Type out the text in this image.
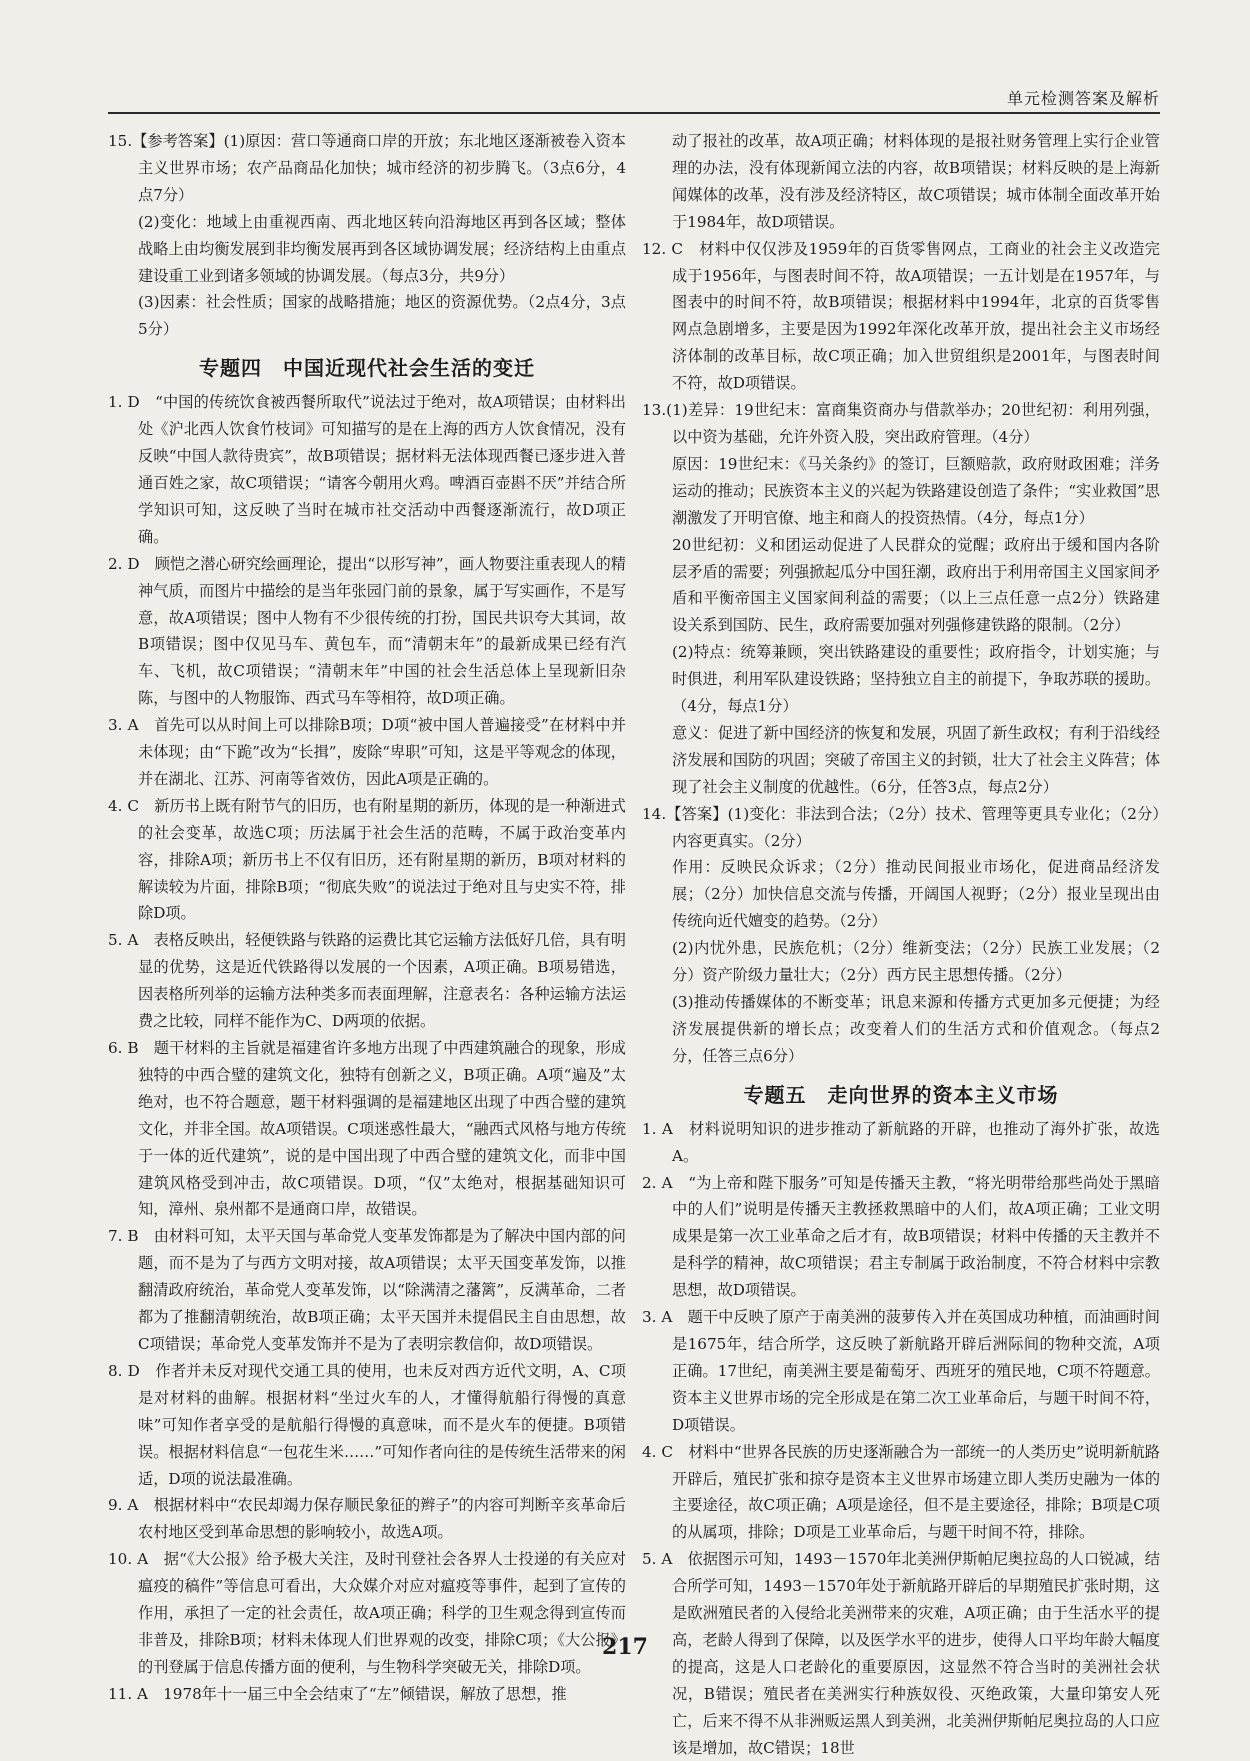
单元检测答案及解析

15.【参考答案】(1)原因：营口等通商口岸的开放；东北地区逐渐被卷入资本主义世界市场；农产品商品化加快；城市经济的初步腾飞。（3点6分，4点7分）

(2)变化：地域上由重视西南、西北地区转向沿海地区再到各区域；整体战略上由均衡发展到非均衡发展再到各区域协调发展；经济结构上由重点建设重工业到诸多领域的协调发展。（每点3分，共9分）

(3)因素：社会性质；国家的战略措施；地区的资源优势。（2点4分，3点5分）

专题四　中国近现代社会生活的变迁

1. D　“中国的传统饮食被西餐所取代”说法过于绝对，故A项错误；由材料出处《沪北西人饮食竹枝词》可知描写的是在上海的西方人饮食情况，没有反映“中国人款待贵宾”，故B项错误；据材料无法体现西餐已逐步进入普通百姓之家，故C项错误；“请客今朝用火鸡。啤酒百壶斟不厌”并结合所学知识可知，这反映了当时在城市社交活动中西餐逐渐流行，故D项正确。

2. D　顾恺之潜心研究绘画理论，提出“以形写神”，画人物要注重表现人的精神气质，而图片中描绘的是当年张园门前的景象，属于写实画作，不是写意，故A项错误；图中人物有不少很传统的打扮，国民共识夸大其词，故B项错误；图中仅见马车、黄包车，而“清朝末年”的最新成果已经有汽车、飞机，故C项错误；“清朝末年”中国的社会生活总体上呈现新旧杂陈，与图中的人物服饰、西式马车等相符，故D项正确。

3. A　首先可以从时间上可以排除B项；D项“被中国人普遍接受”在材料中并未体现；由“下跪”改为“长揖”，废除“卑职”可知，这是平等观念的体现，并在湖北、江苏、河南等省效仿，因此A项是正确的。

4. C　新历书上既有附节气的旧历，也有附星期的新历，体现的是一种渐进式的社会变革，故选C项；历法属于社会生活的范畴，不属于政治变革内容，排除A项；新历书上不仅有旧历，还有附星期的新历，B项对材料的解读较为片面，排除B项；“彻底失败”的说法过于绝对且与史实不符，排除D项。

5. A　表格反映出，轻便铁路与铁路的运费比其它运输方法低好几倍，具有明显的优势，这是近代铁路得以发展的一个因素，A项正确。B项易错选，因表格所列举的运输方法种类多而表面理解，注意表名：各种运输方法运费之比较，同样不能作为C、D两项的依据。

6. B　题干材料的主旨就是福建省许多地方出现了中西建筑融合的现象，形成独特的中西合璧的建筑文化，独特有创新之义，B项正确。A项“遍及”太绝对，也不符合题意，题干材料强调的是福建地区出现了中西合璧的建筑文化，并非全国。故A项错误。C项迷惑性最大，“融西式风格与地方传统于一体的近代建筑”，说的是中国出现了中西合璧的建筑文化，而非中国建筑风格受到冲击，故C项错误。D项，“仅”太绝对，根据基础知识可知，漳州、泉州都不是通商口岸，故错误。

7. B　由材料可知，太平天国与革命党人变革发饰都是为了解决中国内部的问题，而不是为了与西方文明对接，故A项错误；太平天国变革发饰，以推翻清政府统治，革命党人变革发饰，以“除满清之藩篱”，反满革命，二者都为了推翻清朝统治，故B项正确；太平天国并未提倡民主自由思想，故C项错误；革命党人变革发饰并不是为了表明宗教信仰，故D项错误。

8. D　作者并未反对现代交通工具的使用，也未反对西方近代文明，A、C项是对材料的曲解。根据材料“坐过火车的人，才懂得航船行得慢的真意味”可知作者享受的是航船行得慢的真意味，而不是火车的便捷。B项错误。根据材料信息“一包花生米……”可知作者向往的是传统生活带来的闲适，D项的说法最准确。

9. A　根据材料中“农民却竭力保存顺民象征的辫子”的内容可判断辛亥革命后农村地区受到革命思想的影响较小，故选A项。

10. A　据“《大公报》给予极大关注，及时刊登社会各界人士投递的有关应对瘟疫的稿件”等信息可看出，大众媒介对应对瘟疫等事件，起到了宣传的作用，承担了一定的社会责任，故A项正确；科学的卫生观念得到宣传而非普及，排除B项；材料未体现人们世界观的改变，排除C项；《大公报》的刊登属于信息传播方面的便利，与生物科学突破无关，排除D项。

11. A　1978年十一届三中全会结束了“左”倾错误，解放了思想，推

动了报社的改革，故A项正确；材料体现的是报社财务管理上实行企业管理的办法，没有体现新闻立法的内容，故B项错误；材料反映的是上海新闻媒体的改革，没有涉及经济特区，故C项错误；城市体制全面改革开始于1984年，故D项错误。

12. C　材料中仅仅涉及1959年的百货零售网点，工商业的社会主义改造完成于1956年，与图表时间不符，故A项错误；一五计划是在1957年，与图表中的时间不符，故B项错误；根据材料中1994年，北京的百货零售网点急剧增多，主要是因为1992年深化改革开放，提出社会主义市场经济体制的改革目标，故C项正确；加入世贸组织是2001年，与图表时间不符，故D项错误。

13.(1)差异：19世纪末：富商集资商办与借款举办；20世纪初：利用列强，以中资为基础，允许外资入股，突出政府管理。（4分）

原因：19世纪末：《马关条约》的签订，巨额赔款，政府财政困难；洋务运动的推动；民族资本主义的兴起为铁路建设创造了条件；“实业救国”思潮激发了开明官僚、地主和商人的投资热情。（4分，每点1分）

20世纪初：义和团运动促进了人民群众的觉醒；政府出于缓和国内各阶层矛盾的需要；列强掀起瓜分中国狂潮，政府出于利用帝国主义国家间矛盾和平衡帝国主义国家间利益的需要；（以上三点任意一点2分）铁路建设关系到国防、民生，政府需要加强对列强修建铁路的限制。（2分）

(2)特点：统筹兼顾，突出铁路建设的重要性；政府指令，计划实施；与时俱进，利用军队建设铁路；坚持独立自主的前提下，争取苏联的援助。（4分，每点1分）

意义：促进了新中国经济的恢复和发展，巩固了新生政权；有利于沿线经济发展和国防的巩固；突破了帝国主义的封锁，壮大了社会主义阵营；体现了社会主义制度的优越性。（6分，任答3点，每点2分）

14.【答案】(1)变化：非法到合法；（2分）技术、管理等更具专业化；（2分）内容更真实。（2分）

作用：反映民众诉求；（2分）推动民间报业市场化，促进商品经济发展；（2分）加快信息交流与传播，开阔国人视野；（2分）报业呈现出由传统向近代嬗变的趋势。（2分）

(2)内忧外患，民族危机；（2分）维新变法；（2分）民族工业发展；（2分）资产阶级力量壮大；（2分）西方民主思想传播。（2分）

(3)推动传播媒体的不断变革；讯息来源和传播方式更加多元便捷；为经济发展提供新的增长点；改变着人们的生活方式和价值观念。（每点2分，任答三点6分）

专题五　走向世界的资本主义市场

1. A　材料说明知识的进步推动了新航路的开辟，也推动了海外扩张，故选A。

2. A　“为上帝和陛下服务”可知是传播天主教，“将光明带给那些尚处于黑暗中的人们”说明是传播天主教拯救黑暗中的人们，故A项正确；工业文明成果是第一次工业革命之后才有，故B项错误；材料中传播的天主教并不是科学的精神，故C项错误；君主专制属于政治制度，不符合材料中宗教思想，故D项错误。

3. A　题干中反映了原产于南美洲的菠萝传入并在英国成功种植，而油画时间是1675年，结合所学，这反映了新航路开辟后洲际间的物种交流，A项正确。17世纪，南美洲主要是葡萄牙、西班牙的殖民地，C项不符题意。资本主义世界市场的完全形成是在第二次工业革命后，与题干时间不符，D项错误。

4. C　材料中“世界各民族的历史逐渐融合为一部统一的人类历史”说明新航路开辟后，殖民扩张和掠夺是资本主义世界市场建立即人类历史融为一体的主要途径，故C项正确；A项是途径，但不是主要途径，排除；B项是C项的从属项，排除；D项是工业革命后，与题干时间不符，排除。

5. A　依据图示可知，1493－1570年北美洲伊斯帕尼奥拉岛的人口锐减，结合所学可知，1493－1570年处于新航路开辟后的早期殖民扩张时期，这是欧洲殖民者的入侵给北美洲带来的灾难，A项正确；由于生活水平的提高，老龄人得到了保障，以及医学水平的进步，使得人口平均年龄大幅度的提高，这是人口老龄化的重要原因，这显然不符合当时的美洲社会状况，B错误；殖民者在美洲实行种族奴役、灭绝政策，大量印第安人死亡，后来不得不从非洲贩运黑人到美洲，北美洲伊斯帕尼奥拉岛的人口应该是增加，故C错误；18世

217
